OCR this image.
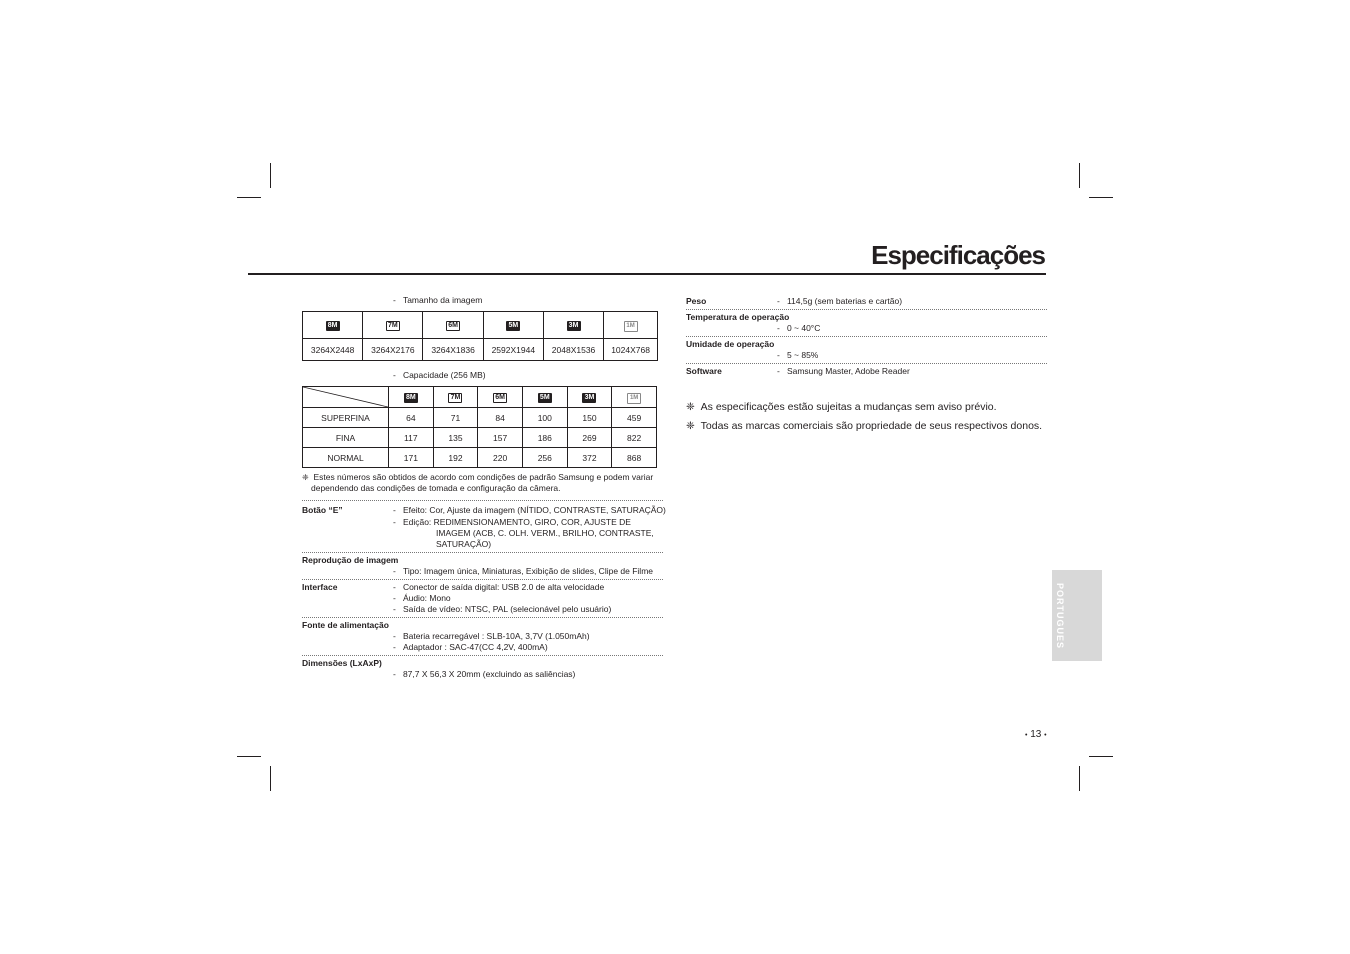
Especificações
- Tamanho da imagem
8M	7M	6M	5M	3M	1M
3264X2448	3264X2176	3264X1836	2592X1944	2048X1536	1024X768
- Capacidade (256 MB)
	8M	7M	6M	5M	3M	1M
SUPERFINA	64	71	84	100	150	459
FINA	117	135	157	186	269	822
NORMAL	171	192	220	256	372	868
❈ Estes números são obtidos de acordo com condições de padrão Samsung e podem variar
dependendo das condições de tomada e configuração da câmera.
Botão “E”	- Efeito: Cor, Ajuste da imagem (NÍTIDO, CONTRASTE, SATURAÇÃO)
- Edição: REDIMENSIONAMENTO, GIRO, COR, AJUSTE DE
IMAGEM (ACB, C. OLH. VERM., BRILHO, CONTRASTE,
SATURAÇÃO)
Reprodução de imagem
- Tipo: Imagem única, Miniaturas, Exibição de slides, Clipe de Filme
Interface	- Conector de saída digital: USB 2.0 de alta velocidade
- Áudio: Mono
- Saída de vídeo: NTSC, PAL (selecionável pelo usuário)
Fonte de alimentação
- Bateria recarregável : SLB-10A, 3,7V (1.050mAh)
- Adaptador : SAC-47(CC 4,2V, 400mA)
Dimensões (LxAxP)
- 87,7 X 56,3 X 20mm (excluindo as saliências)
Peso	- 114,5g (sem baterias e cartão)
Temperatura de operação
- 0 ~ 40°C
Umidade de operação
- 5 ~ 85%
Software	- Samsung Master, Adobe Reader
❈ As especificações estão sujeitas a mudanças sem aviso prévio.
❈ Todas as marcas comerciais são propriedade de seus respectivos donos.
PORTUGUES
• 13 •
